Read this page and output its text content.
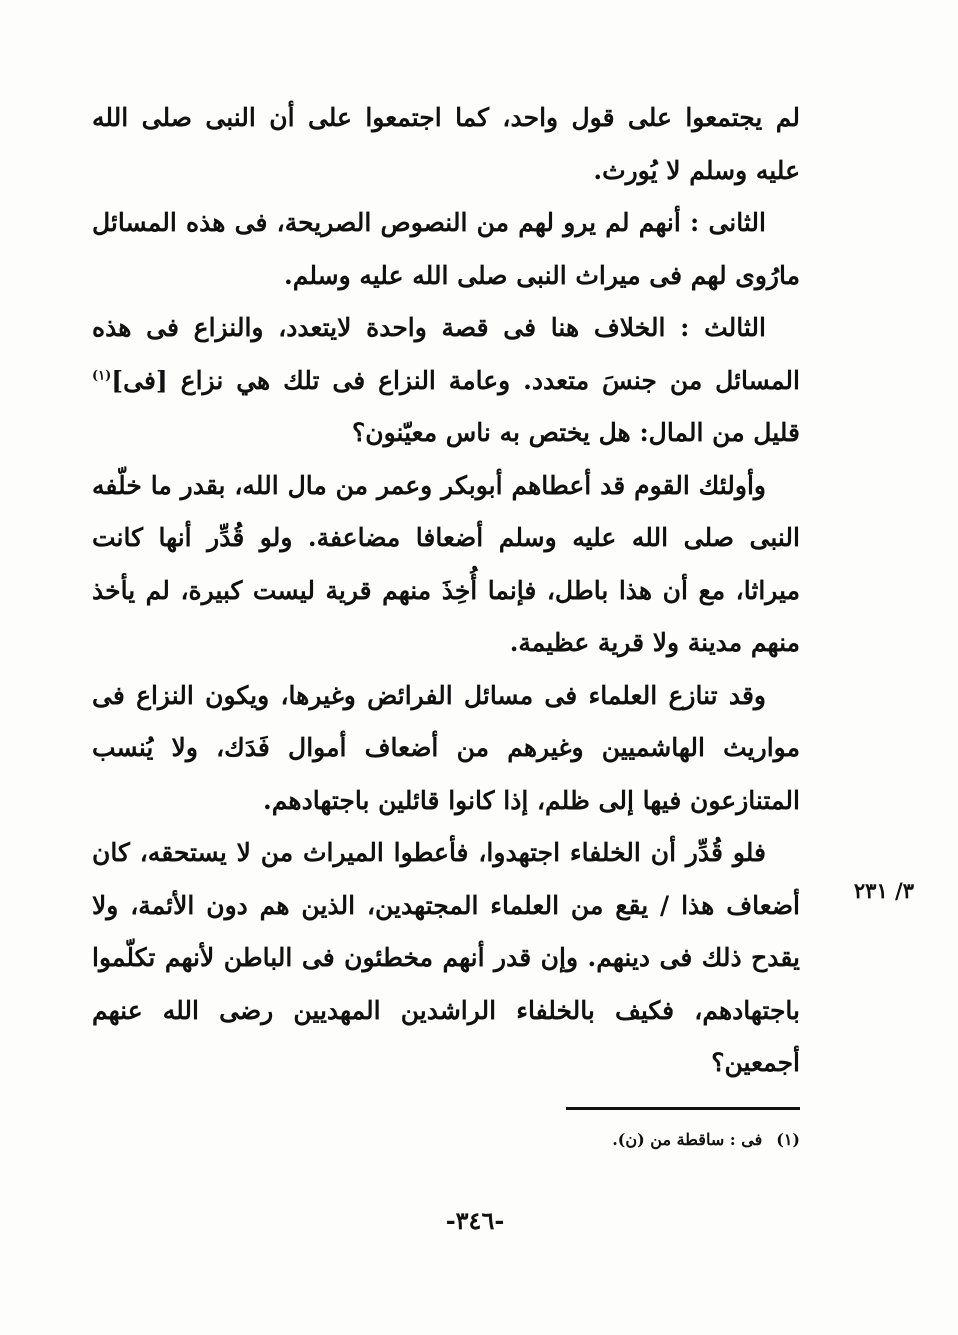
لم يجتمعوا على قول واحد، كما اجتمعوا على أن النبى صلى الله عليه وسلم لا يُورث.

الثانى : أنهم لم يرو لهم من النصوص الصريحة، فى هذه المسائل مارُوى لهم فى ميراث النبى صلى الله عليه وسلم.

الثالث : الخلاف هنا فى قصة واحدة لايتعدد، والنزاع فى هذه المسائل من جنسَ متعدد. وعامة النزاع فى تلك هي نزاع [فى]$^{(١)}$ قليل من المال: هل يختص به ناس معيّنون؟

وأولئك القوم قد أعطاهم أبوبكر وعمر من مال الله، بقدر ما خلّفه النبى صلى الله عليه وسلم أضعافا مضاعفة. ولو قُدِّر أنها كانت ميراثا، مع أن هذا باطل، فإنما أُخِذَ منهم قرية ليست كبيرة، لم يأخذ منهم مدينة ولا قرية عظيمة.

وقد تنازع العلماء فى مسائل الفرائض وغيرها، ويكون النزاع فى مواريث الهاشميين وغيرهم من أضعاف أموال فَدَك، ولا يُنسب المتنازعون فيها إلى ظلم، إذا كانوا قائلين باجتهادهم.

فلو قُدِّر أن الخلفاء اجتهدوا، فأعطوا الميراث من لا يستحقه، كان أضعاف هذا / يقع من العلماء المجتهدين، الذين هم دون الأئمة، ولا يقدح ذلك فى دينهم. وإن قدر أنهم مخطئون فى الباطن لأنهم تكلّموا باجتهادهم، فكيف بالخلفاء الراشدين المهديين رضى الله عنهم أجمعين؟

٣/ ٢٣١
(١)فى : ساقطة من (ن).
-٣٤٦-
